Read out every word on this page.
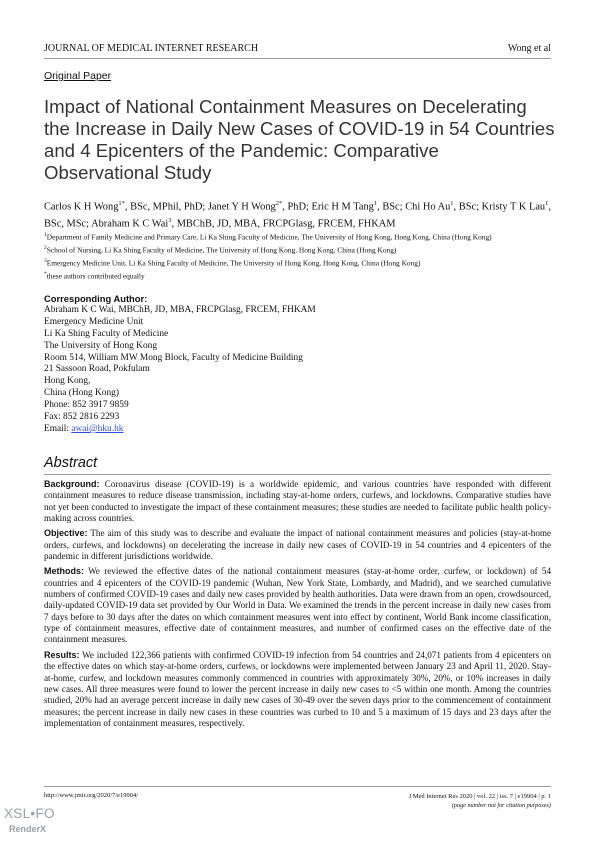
JOURNAL OF MEDICAL INTERNET RESEARCH	Wong et al
Original Paper
Impact of National Containment Measures on Decelerating the Increase in Daily New Cases of COVID-19 in 54 Countries and 4 Epicenters of the Pandemic: Comparative Observational Study
Carlos K H Wong$^{1*}$, BSc, MPhil, PhD; Janet Y H Wong$^{2*}$, PhD; Eric H M Tang$^1$, BSc; Chi Ho Au$^1$, BSc; Kristy T K Lau$^1$, BSc, MSc; Abraham K C Wai$^3$, MBChB, JD, MBA, FRCPGlasg, FRCEM, FHKAM
$^1$Department of Family Medicine and Primary Care, Li Ka Shing Faculty of Medicine, The University of Hong Kong, Hong Kong, China (Hong Kong)
$^2$School of Nursing, Li Ka Shing Faculty of Medicine, The University of Hong Kong, Hong Kong, China (Hong Kong)
$^3$Emergency Medicine Unit, Li Ka Shing Faculty of Medicine, The University of Hong Kong, Hong Kong, China (Hong Kong)
*these authors contributed equally
Corresponding Author:
Abraham K C Wai, MBChB, JD, MBA, FRCPGlasg, FRCEM, FHKAM
Emergency Medicine Unit
Li Ka Shing Faculty of Medicine
The University of Hong Kong
Room 514, William MW Mong Block, Faculty of Medicine Building
21 Sassoon Road, Pokfulam
Hong Kong,
China (Hong Kong)
Phone: 852 3917 9859
Fax: 852 2816 2293
Email: awai@hku.hk
Abstract

Background: Coronavirus disease (COVID-19) is a worldwide epidemic, and various countries have responded with different containment measures to reduce disease transmission, including stay-at-home orders, curfews, and lockdowns. Comparative studies have not yet been conducted to investigate the impact of these containment measures; these studies are needed to facilitate public health policy-making across countries.

Objective: The aim of this study was to describe and evaluate the impact of national containment measures and policies (stay-at-home orders, curfews, and lockdowns) on decelerating the increase in daily new cases of COVID-19 in 54 countries and 4 epicenters of the pandemic in different jurisdictions worldwide.

Methods: We reviewed the effective dates of the national containment measures (stay-at-home order, curfew, or lockdown) of 54 countries and 4 epicenters of the COVID-19 pandemic (Wuhan, New York State, Lombardy, and Madrid), and we searched cumulative numbers of confirmed COVID-19 cases and daily new cases provided by health authorities. Data were drawn from an open, crowdsourced, daily-updated COVID-19 data set provided by Our World in Data. We examined the trends in the percent increase in daily new cases from 7 days before to 30 days after the dates on which containment measures went into effect by continent, World Bank income classification, type of containment measures, effective date of containment measures, and number of confirmed cases on the effective date of the containment measures.

Results: We included 122,366 patients with confirmed COVID-19 infection from 54 countries and 24,071 patients from 4 epicenters on the effective dates on which stay-at-home orders, curfews, or lockdowns were implemented between January 23 and April 11, 2020. Stay-at-home, curfew, and lockdown measures commonly commenced in countries with approximately 30%, 20%, or 10% increases in daily new cases. All three measures were found to lower the percent increase in daily new cases to <5 within one month. Among the countries studied, 20% had an average percent increase in daily new cases of 30-49 over the seven days prior to the commencement of containment measures; the percent increase in daily new cases in these countries was curbed to 10 and 5 a maximum of 15 days and 23 days after the implementation of containment measures, respectively.

http://www.jmir.org/2020/7/e19904/	J Med Internet Res 2020 | vol. 22 | iss. 7 | e19904 | p. 1
(page number not for citation purposes)
XSL•FO
RenderX
